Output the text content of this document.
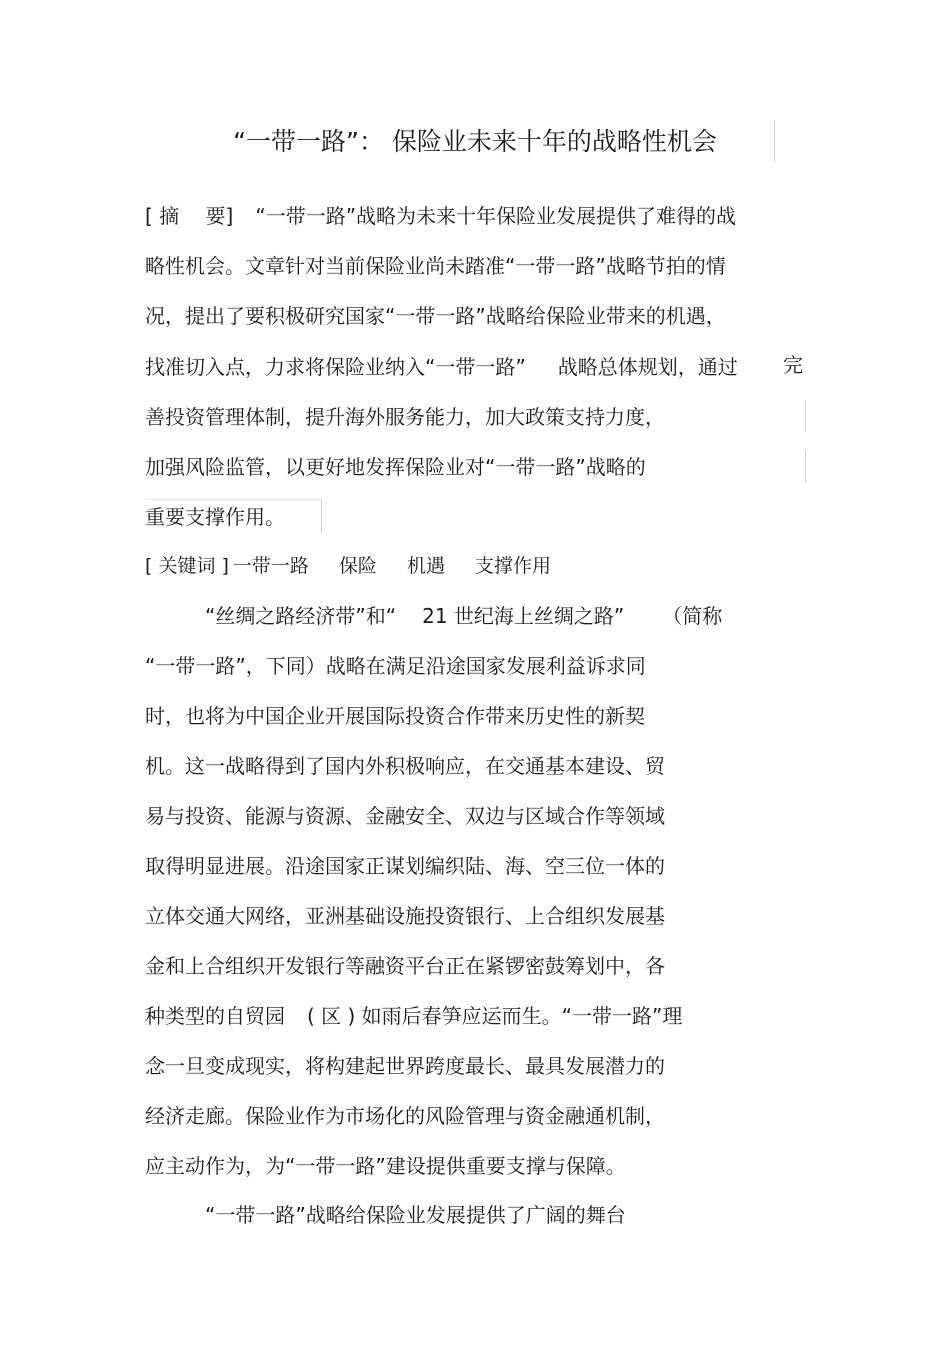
“一带一路”： 保险业未来十年的战略性机会
[ 摘　 要] “一带一路”战略为未来十年保险业发展提供了难得的战
略性机会。文章针对当前保险业尚未踏准“一带一路”战略节拍的情
况，提出了要积极研究国家“一带一路”战略给保险业带来的机遇，
找准切入点，力求将保险业纳入“一带一路” 战略总体规划，通过 完
善投资管理体制，提升海外服务能力，加大政策支持力度，
加强风险监管，以更好地发挥保险业对“一带一路”战略的
重要支撑作用。
[ 关键词 ] 一带一路 保险 机遇 支撑作用
“丝绸之路经济带”和“ 21 世纪海上丝绸之路” （简称
“一带一路”，下同）战略在满足沿途国家发展利益诉求同
时，也将为中国企业开展国际投资合作带来历史性的新契
机。这一战略得到了国内外积极响应，在交通基本建设、贸
易与投资、能源与资源、金融安全、双边与区域合作等领域
取得明显进展。沿途国家正谋划编织陆、海、空三位一体的
立体交通大网络，亚洲基础设施投资银行、上合组织发展基
金和上合组织开发银行等融资平台正在紧锣密鼓筹划中，各
种类型的自贸园 ( 区 ) 如雨后春笋应运而生。“一带一路”理
念一旦变成现实，将构建起世界跨度最长、最具发展潜力的
经济走廊。保险业作为市场化的风险管理与资金融通机制，
应主动作为，为“一带一路”建设提供重要支撑与保障。
“一带一路”战略给保险业发展提供了广阔的舞台
